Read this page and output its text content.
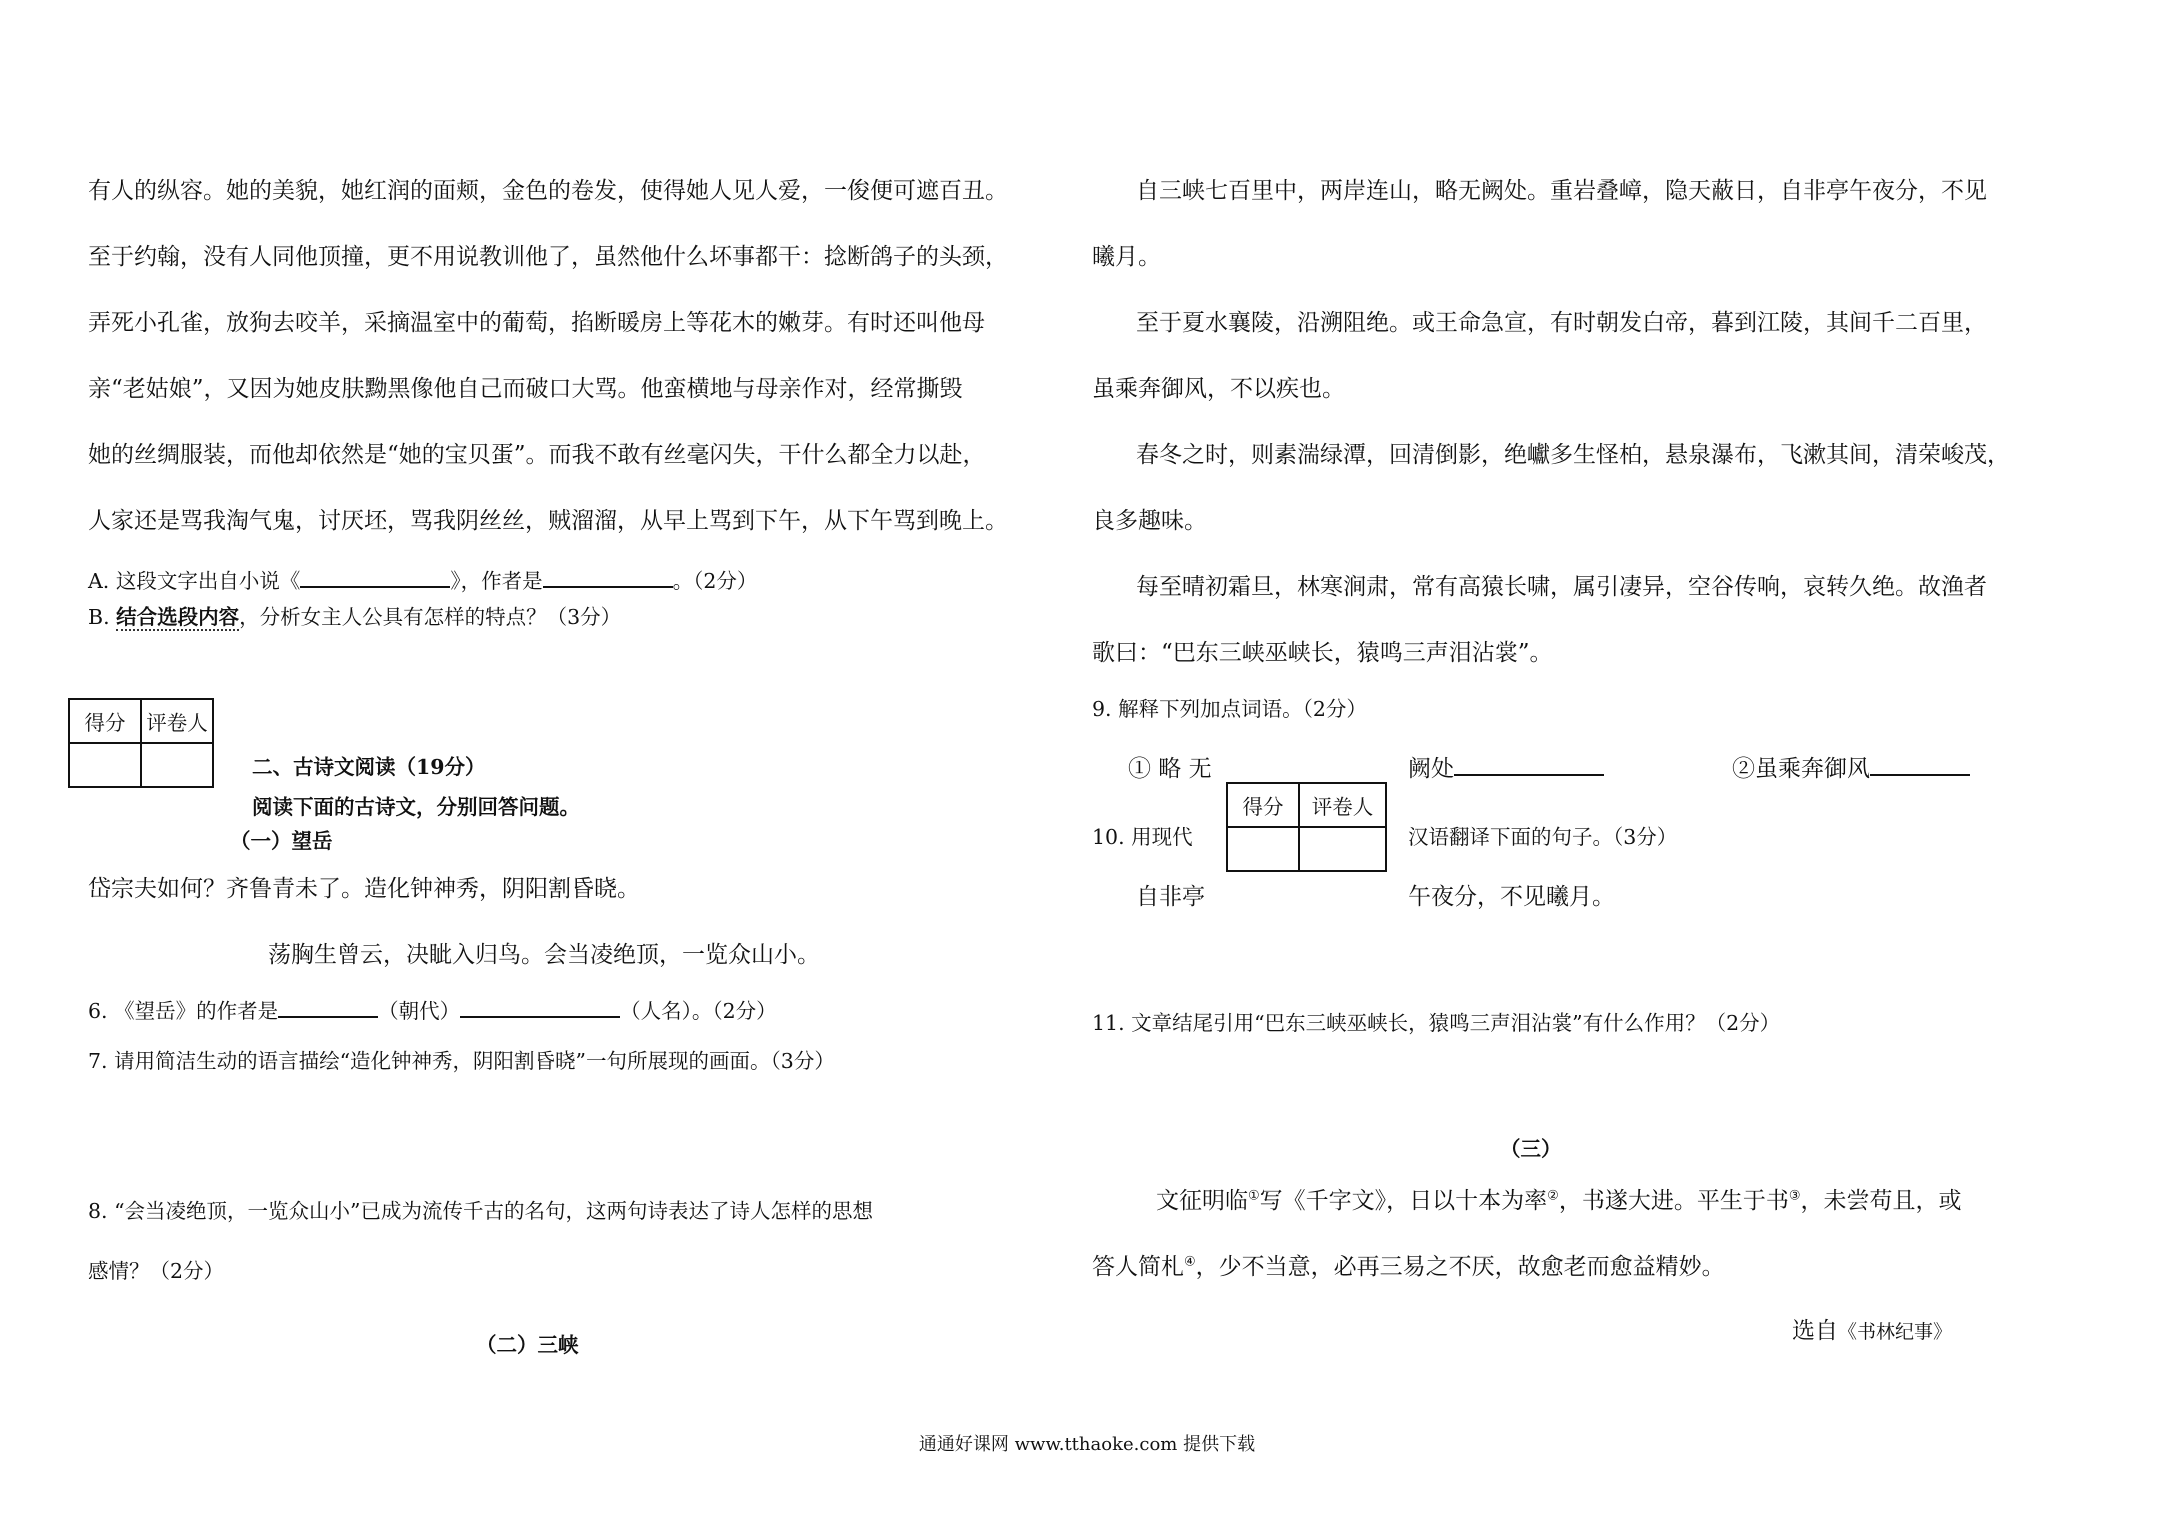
有人的纵容。她的美貌，她红润的面颊，金色的卷发，使得她人见人爱，一俊便可遮百丑。
至于约翰，没有人同他顶撞，更不用说教训他了，虽然他什么坏事都干：捻断鸽子的头颈，
弄死小孔雀，放狗去咬羊，采摘温室中的葡萄，掐断暖房上等花木的嫩芽。有时还叫他母
亲“老姑娘”，又因为她皮肤黝黑像他自己而破口大骂。他蛮横地与母亲作对，经常撕毁
她的丝绸服装，而他却依然是“她的宝贝蛋”。而我不敢有丝毫闪失，干什么都全力以赴，
人家还是骂我淘气鬼，讨厌坯，骂我阴丝丝，贼溜溜，从早上骂到下午，从下午骂到晚上。
A. 这段文字出自小说《	》，作者是	。（2分）
B. 结合选段内容，分析女主人公具有怎样的特点？（3分）
得分	评卷人

二、古诗文阅读（19分）
阅读下面的古诗文，分别回答问题。
（一）望岳
岱宗夫如何？齐鲁青未了。造化钟神秀，阴阳割昏晓。
荡胸生曾云，决眦入归鸟。会当凌绝顶，一览众山小。
6. 《望岳》的作者是	（朝代）	（人名）。（2分）
7. 请用简洁生动的语言描绘“造化钟神秀，阴阳割昏晓”一句所展现的画面。（3分）
8. “会当凌绝顶，一览众山小”已成为流传千古的名句，这两句诗表达了诗人怎样的思想
感情？（2分）
（二）三峡
自三峡七百里中，两岸连山，略无阙处。重岩叠嶂，隐天蔽日，自非亭午夜分，不见
曦月。
至于夏水襄陵，沿溯阻绝。或王命急宣，有时朝发白帝，暮到江陵，其间千二百里，
虽乘奔御风，不以疾也。
春冬之时，则素湍绿潭，回清倒影，绝巘多生怪柏，悬泉瀑布，飞漱其间，清荣峻茂，
良多趣味。
每至晴初霜旦，林寒涧肃，常有高猿长啸，属引凄异，空谷传响，哀转久绝。故渔者
歌曰：“巴东三峡巫峡长，猿鸣三声泪沾裳”。
9. 解释下列加点词语。（2分）
① 略 无	阙处	②虽乘奔御风
得分	评卷人

10. 用现代	汉语翻译下面的句子。（3分）
自非亭	午夜分，不见曦月。
11. 文章结尾引用“巴东三峡巫峡长，猿鸣三声泪沾裳”有什么作用？（2分）
（三）
文征明临①写《千字文》，日以十本为率②，书遂大进。平生于书③，未尝苟且，或
答人简札④，少不当意，必再三易之不厌，故愈老而愈益精妙。
选自《书林纪事》
通通好课网 www.tthaoke.com 提供下载
